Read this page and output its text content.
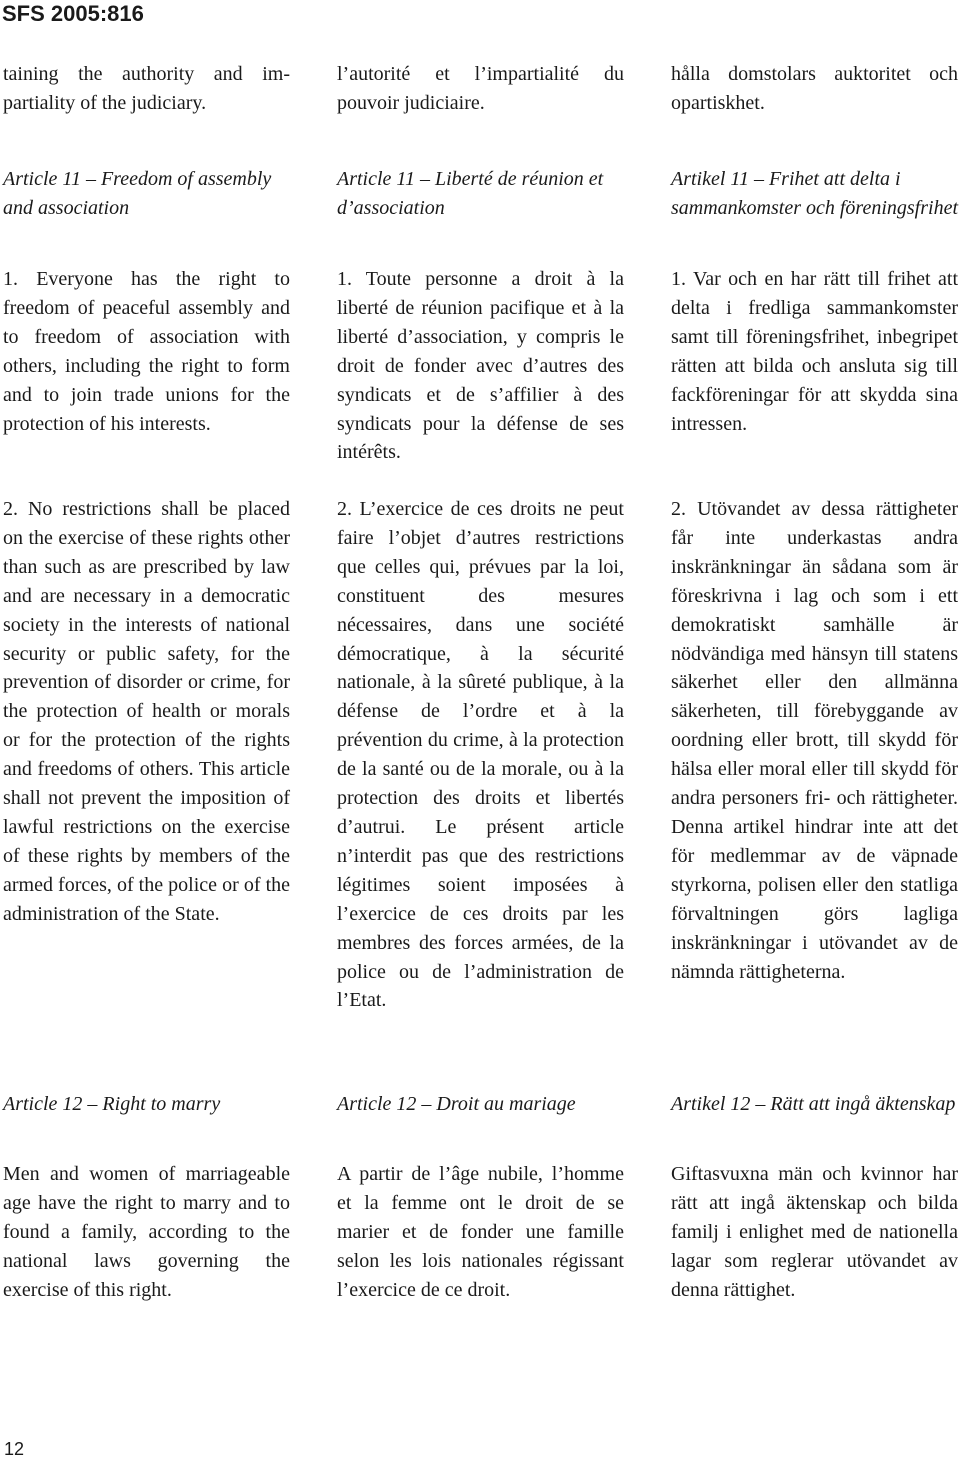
SFS 2005:816
taining the authority and impartiality of the judiciary.
Article 11 – Freedom of assembly and association
1. Everyone has the right to freedom of peaceful assembly and to freedom of association with others, including the right to form and to join trade unions for the protection of his interests.
2. No restrictions shall be placed on the exercise of these rights other than such as are prescribed by law and are necessary in a democratic society in the interests of national security or public safety, for the prevention of disorder or crime, for the protection of health or morals or for the protection of the rights and freedoms of others. This article shall not prevent the imposition of lawful restrictions on the exercise of these rights by members of the armed forces, of the police or of the administration of the State.
Article 12 – Right to marry
Men and women of marriageable age have the right to marry and to found a family, according to the national laws governing the exercise of this right.
l’autorité et l’impartialité du pouvoir judiciaire.
Article 11 – Liberté de réunion et d’association
1. Toute personne a droit à la liberté de réunion pacifique et à la liberté d’association, y compris le droit de fonder avec d’autres des syndicats et de s’affilier à des syndicats pour la défense de ses intérêts.
2. L’exercice de ces droits ne peut faire l’objet d’autres restrictions que celles qui, prévues par la loi, constituent des mesures nécessaires, dans une société démocratique, à la sécurité nationale, à la sûreté publique, à la défense de l’ordre et à la prévention du crime, à la protection de la santé ou de la morale, ou à la protection des droits et libertés d’autrui. Le présent article n’interdit pas que des restrictions légitimes soient imposées à l’exercice de ces droits par les membres des forces armées, de la police ou de l’administration de l’Etat.
Article 12 – Droit au mariage
A partir de l’âge nubile, l’homme et la femme ont le droit de se marier et de fonder une famille selon les lois nationales régissant l’exercice de ce droit.
hålla domstolars auktoritet och opartiskhet.
Artikel 11 – Frihet att delta i sammankomster och föreningsfrihet
1. Var och en har rätt till frihet att delta i fredliga sammankomster samt till föreningsfrihet, inbegripet rätten att bilda och ansluta sig till fackföreningar för att skydda sina intressen.
2. Utövandet av dessa rättigheter får inte underkastas andra inskränkningar än sådana som är föreskrivna i lag och som i ett demokratiskt samhälle är nödvändiga med hänsyn till statens säkerhet eller den allmänna säkerheten, till förebyggande av oordning eller brott, till skydd för hälsa eller moral eller till skydd för andra personers fri- och rättigheter. Denna artikel hindrar inte att det för medlemmar av de väpnade styrkorna, polisen eller den statliga förvaltningen görs lagliga inskränkningar i utövandet av de nämnda rättigheterna.
Artikel 12 – Rätt att ingå äktenskap
Giftasvuxna män och kvinnor har rätt att ingå äktenskap och bilda familj i enlighet med de nationella lagar som reglerar utövandet av denna rättighet.
12
